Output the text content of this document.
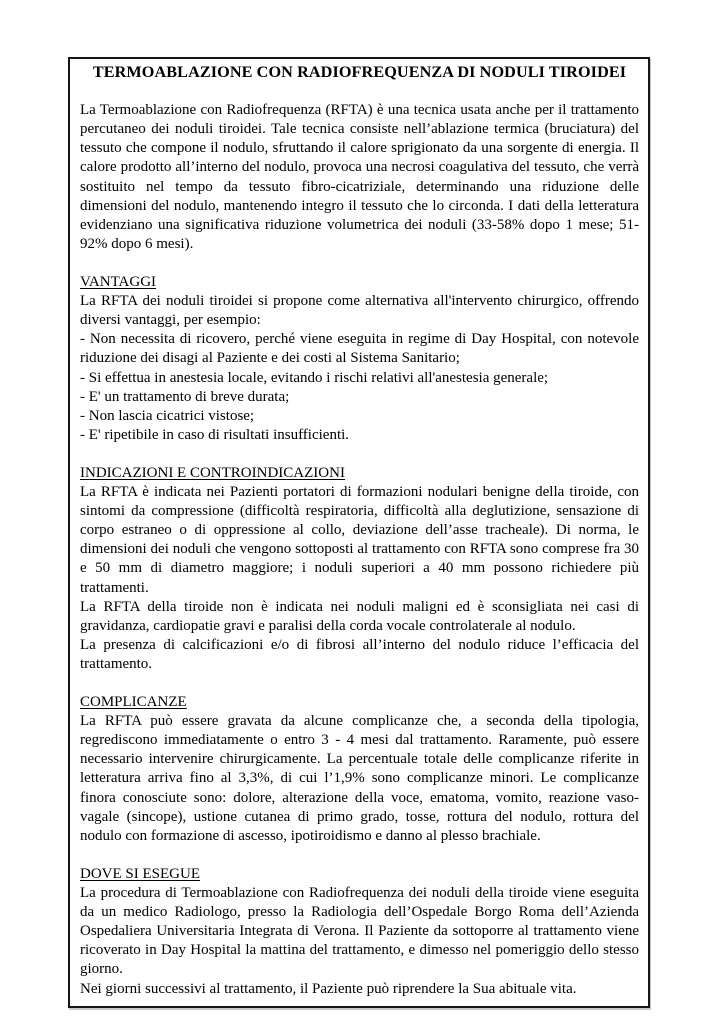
TERMOABLAZIONE CON RADIOFREQUENZA DI NODULI TIROIDEI

La Termoablazione con Radiofrequenza (RFTA) è una tecnica usata anche per il trattamento percutaneo dei noduli tiroidei. Tale tecnica consiste nell’ablazione termica (bruciatura) del tessuto che compone il nodulo, sfruttando il calore sprigionato da una sorgente di energia. Il calore prodotto all’interno del nodulo, provoca una necrosi coagulativa del tessuto, che verrà sostituito nel tempo da tessuto fibro-cicatriziale, determinando una riduzione delle dimensioni del nodulo, mantenendo integro il tessuto che lo circonda. I dati della letteratura evidenziano una significativa riduzione volumetrica dei noduli (33-58% dopo 1 mese; 51-92% dopo 6 mesi).

VANTAGGI

La RFTA dei noduli tiroidei si propone come alternativa all'intervento chirurgico, offrendo diversi vantaggi, per esempio:

- Non necessita di ricovero, perché viene eseguita in regime di Day Hospital, con notevole riduzione dei disagi al Paziente e dei costi al Sistema Sanitario;

- Si effettua in anestesia locale, evitando i rischi relativi all'anestesia generale;

- E' un trattamento di breve durata;

- Non lascia cicatrici vistose;

- E' ripetibile in caso di risultati insufficienti.

INDICAZIONI E CONTROINDICAZIONI

La RFTA è indicata nei Pazienti portatori di formazioni nodulari benigne della tiroide, con sintomi da compressione (difficoltà respiratoria, difficoltà alla deglutizione, sensazione di corpo estraneo o di oppressione al collo, deviazione dell’asse tracheale). Di norma, le dimensioni dei noduli che vengono sottoposti al trattamento con RFTA sono comprese fra 30 e 50 mm di diametro maggiore; i noduli superiori a 40 mm possono richiedere più trattamenti.

La RFTA della tiroide non è indicata nei noduli maligni ed è sconsigliata nei casi di gravidanza, cardiopatie gravi e paralisi della corda vocale controlaterale al nodulo.

La presenza di calcificazioni e/o di fibrosi all’interno del nodulo riduce l’efficacia del trattamento.

COMPLICANZE

La RFTA può essere gravata da alcune complicanze che, a seconda della tipologia, regrediscono immediatamente o entro 3 - 4 mesi dal trattamento. Raramente, può essere necessario intervenire chirurgicamente. La percentuale totale delle complicanze riferite in letteratura arriva fino al 3,3%, di cui l’1,9% sono complicanze minori. Le complicanze finora conosciute sono: dolore, alterazione della voce, ematoma, vomito, reazione vaso-vagale (sincope), ustione cutanea di primo grado, tosse, rottura del nodulo, rottura del nodulo con formazione di ascesso, ipotiroidismo e danno al plesso brachiale.

DOVE SI ESEGUE

La procedura di Termoablazione con Radiofrequenza dei noduli della tiroide viene eseguita da un medico Radiologo, presso la Radiologia dell’Ospedale Borgo Roma dell’Azienda Ospedaliera Universitaria Integrata di Verona. Il Paziente da sottoporre al trattamento viene ricoverato in Day Hospital la mattina del trattamento, e dimesso nel pomeriggio dello stesso giorno.

Nei giorni successivi al trattamento, il Paziente può riprendere la Sua abituale vita.
